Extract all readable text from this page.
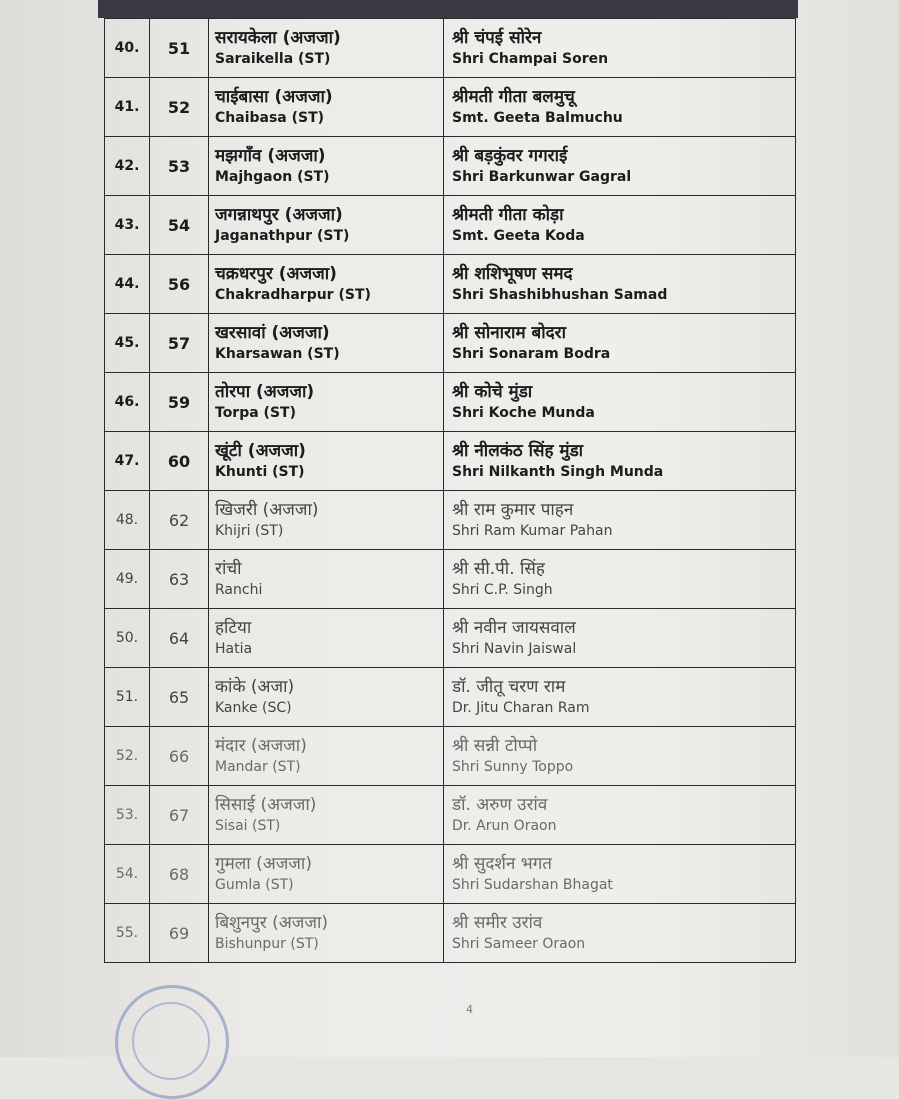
40.	51	सरायकेला (अजजा)
Saraikella (ST)	श्री चंपई सोरेन
Shri Champai Soren

41.	52	चाईबासा (अजजा)
Chaibasa (ST)	श्रीमती गीता बलमुचू
Smt. Geeta Balmuchu

42.	53	मझगाँव (अजजा)
Majhgaon (ST)	श्री बड़कुंवर गगराई
Shri Barkunwar Gagral

43.	54	जगन्नाथपुर (अजजा)
Jaganathpur (ST)	श्रीमती गीता कोड़ा
Smt. Geeta Koda

44.	56	चक्रधरपुर (अजजा)
Chakradharpur (ST)	श्री शशिभूषण समद
Shri Shashibhushan Samad

45.	57	खरसावां (अजजा)
Kharsawan (ST)	श्री सोनाराम बोदरा
Shri Sonaram Bodra

46.	59	तोरपा (अजजा)
Torpa (ST)	श्री कोचे मुंडा
Shri Koche Munda

47.	60	खूंटी (अजजा)
Khunti (ST)	श्री नीलकंठ सिंह मुंडा
Shri Nilkanth Singh Munda

48.	62	खिजरी (अजजा)
Khijri (ST)	श्री राम कुमार पाहन
Shri Ram Kumar Pahan

49.	63	रांची
Ranchi	श्री सी.पी. सिंह
Shri C.P. Singh

50.	64	हटिया
Hatia	श्री नवीन जायसवाल
Shri Navin Jaiswal

51.	65	कांके (अजा)
Kanke (SC)	डॉ. जीतू चरण राम
Dr. Jitu Charan Ram

52.	66	मंदार (अजजा)
Mandar (ST)	श्री सन्नी टोप्पो
Shri Sunny Toppo

53.	67	सिसाई (अजजा)
Sisai (ST)	डॉ. अरुण उरांव
Dr. Arun Oraon

54.	68	गुमला (अजजा)
Gumla (ST)	श्री सुदर्शन भगत
Shri Sudarshan Bhagat

55.	69	बिशुनपुर (अजजा)
Bishunpur (ST)	श्री समीर उरांव
Shri Sameer Oraon
4
